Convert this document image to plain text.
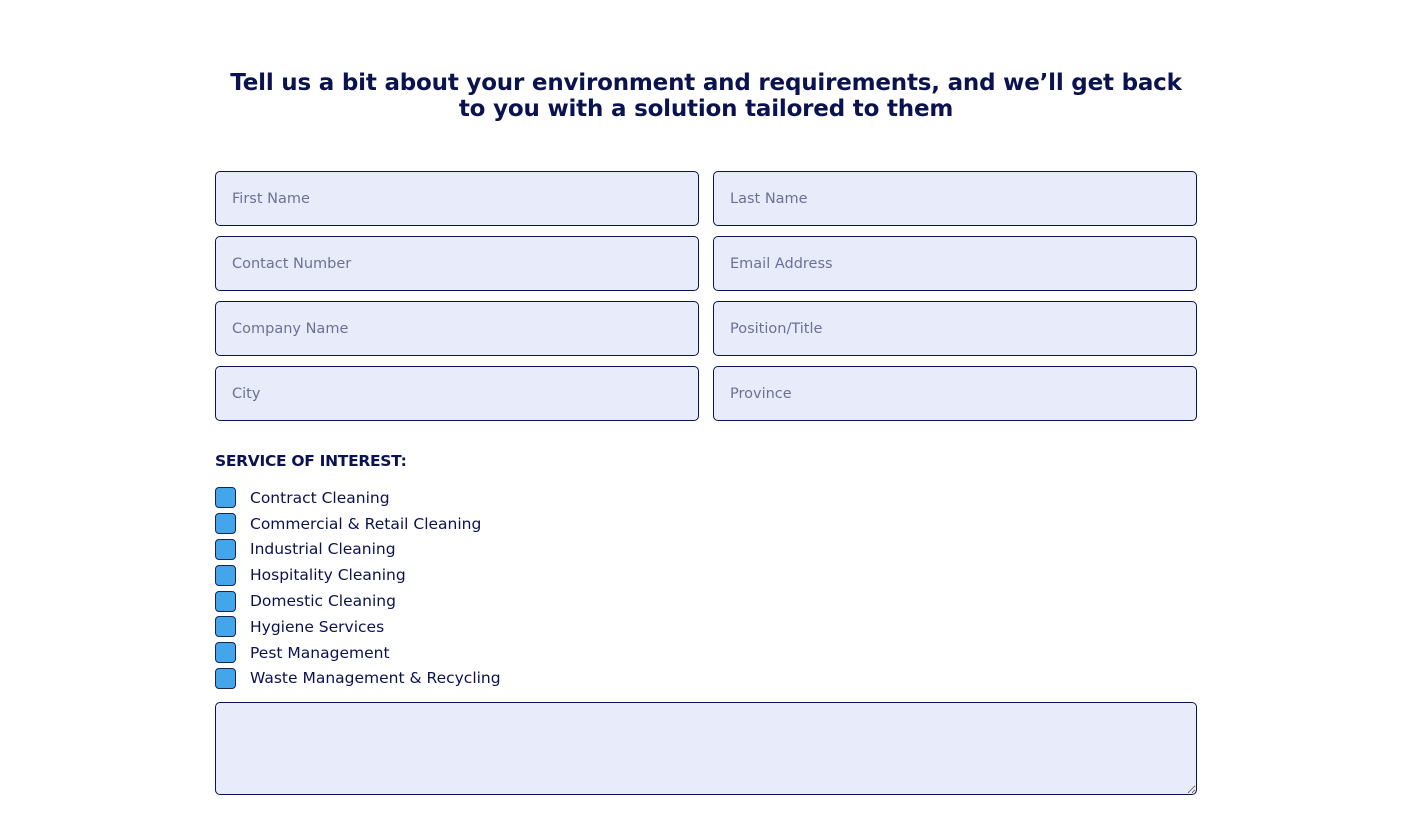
Tell us a bit about your environment and requirements, and we’ll get back to you with a solution tailored to them
First Name
Last Name
Contact Number
Email Address
Company Name
Position/Title
City
Province
SERVICE OF INTEREST:
Contract Cleaning
Commercial & Retail Cleaning
Industrial Cleaning
Hospitality Cleaning
Domestic Cleaning
Hygiene Services
Pest Management
Waste Management & Recycling
